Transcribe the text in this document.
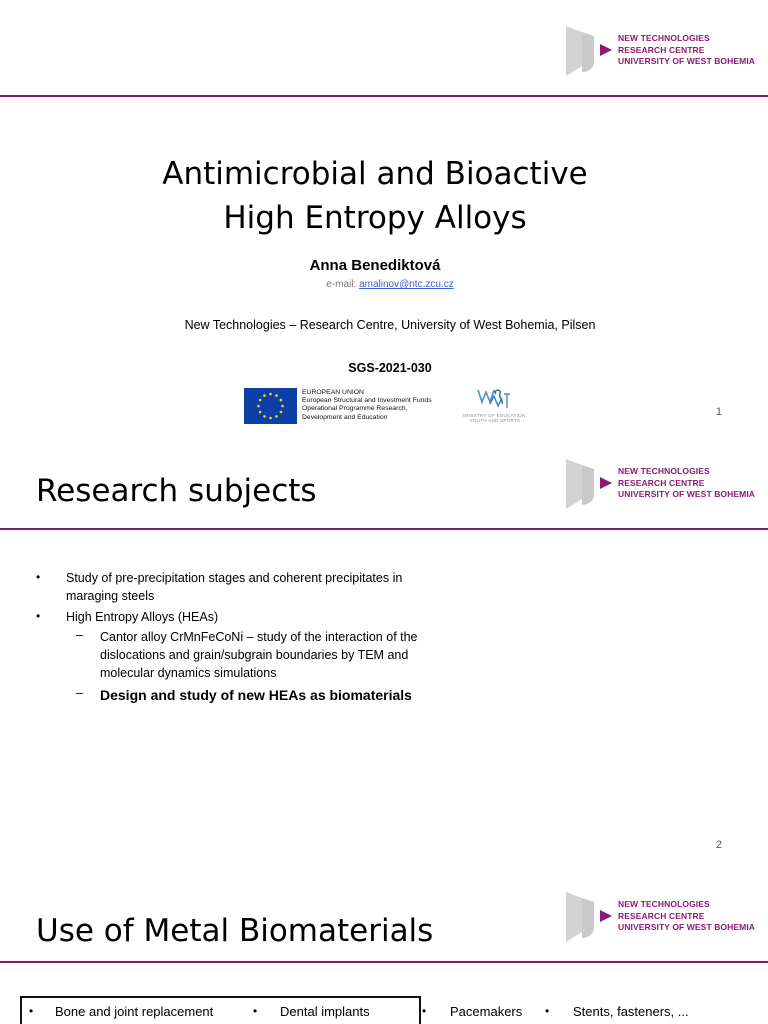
NEW TECHNOLOGIES
RESEARCH CENTRE
UNIVERSITY OF WEST BOHEMIA
Antimicrobial and Bioactive
High Entropy Alloys
Anna Benediktová
e-mail: amalinov@ntc.zcu.cz
New Technologies – Research Centre, University of West Bohemia, Pilsen
SGS-2021-030
EUROPEAN UNION
European Structural and Investment Funds
Operational Programme Research,
Development and Education	MINISTRY OF EDUCATION,
YOUTH AND SPORTS
1
Research subjects
NEW TECHNOLOGIES
RESEARCH CENTRE
UNIVERSITY OF WEST BOHEMIA
• Study of pre-precipitation stages and coherent precipitates in
maraging steels
• High Entropy Alloys (HEAs)
– Cantor alloy CrMnFeCoNi – study of the interaction of the
dislocations and grain/subgrain boundaries by TEM and
molecular dynamics simulations
– Design and study of new HEAs as biomaterials
2
Use of Metal Biomaterials
NEW TECHNOLOGIES
RESEARCH CENTRE
UNIVERSITY OF WEST BOHEMIA
• Bone and joint replacement	• Dental implants	• Pacemakers • Stents, fasteners, ...
